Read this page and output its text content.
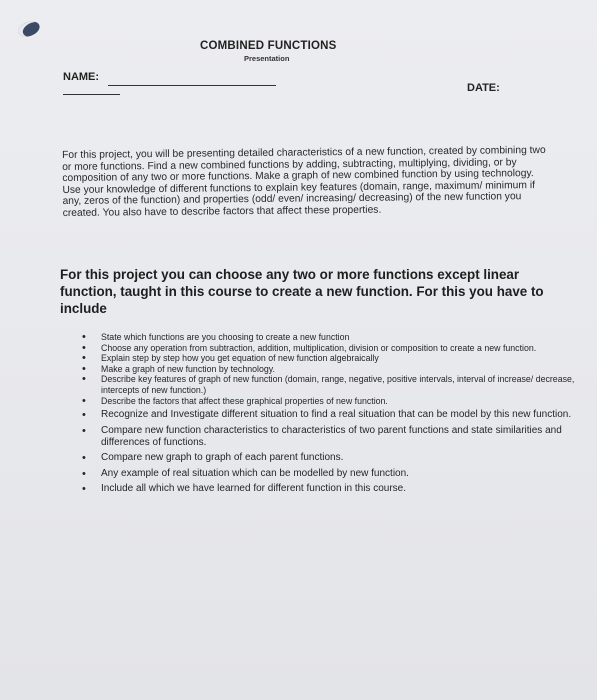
COMBINED FUNCTIONS
Presentation
NAME:
DATE:
For this project, you will be presenting detailed characteristics of a new function, created by combining two or more functions. Find a new combined functions by adding, subtracting, multiplying, dividing, or by composition of any two or more functions. Make a graph of new combined function by using technology. Use your knowledge of different functions to explain key features (domain, range, maximum/ minimum if any, zeros of the function) and properties (odd/ even/ increasing/ decreasing) of the new function you created. You also have to describe factors that affect these properties.
For this project you can choose any two or more functions except linear function, taught in this course to create a new function. For this you have to include
• State which functions are you choosing to create a new function
• Choose any operation from subtraction, addition, multiplication, division or composition to create a new function.
• Explain step by step how you get equation of new function algebraically
• Make a graph of new function by technology.
• Describe key features of graph of new function (domain, range, negative, positive intervals, interval of increase/ decrease, intercepts of new function.)
• Describe the factors that affect these graphical properties of new function.
• Recognize and Investigate different situation to find a real situation that can be model by this new function.
• Compare new function characteristics to characteristics of two parent functions and state similarities and differences of functions.
• Compare new graph to graph of each parent functions.
• Any example of real situation which can be modelled by new function.
• Include all which we have learned for different function in this course.
